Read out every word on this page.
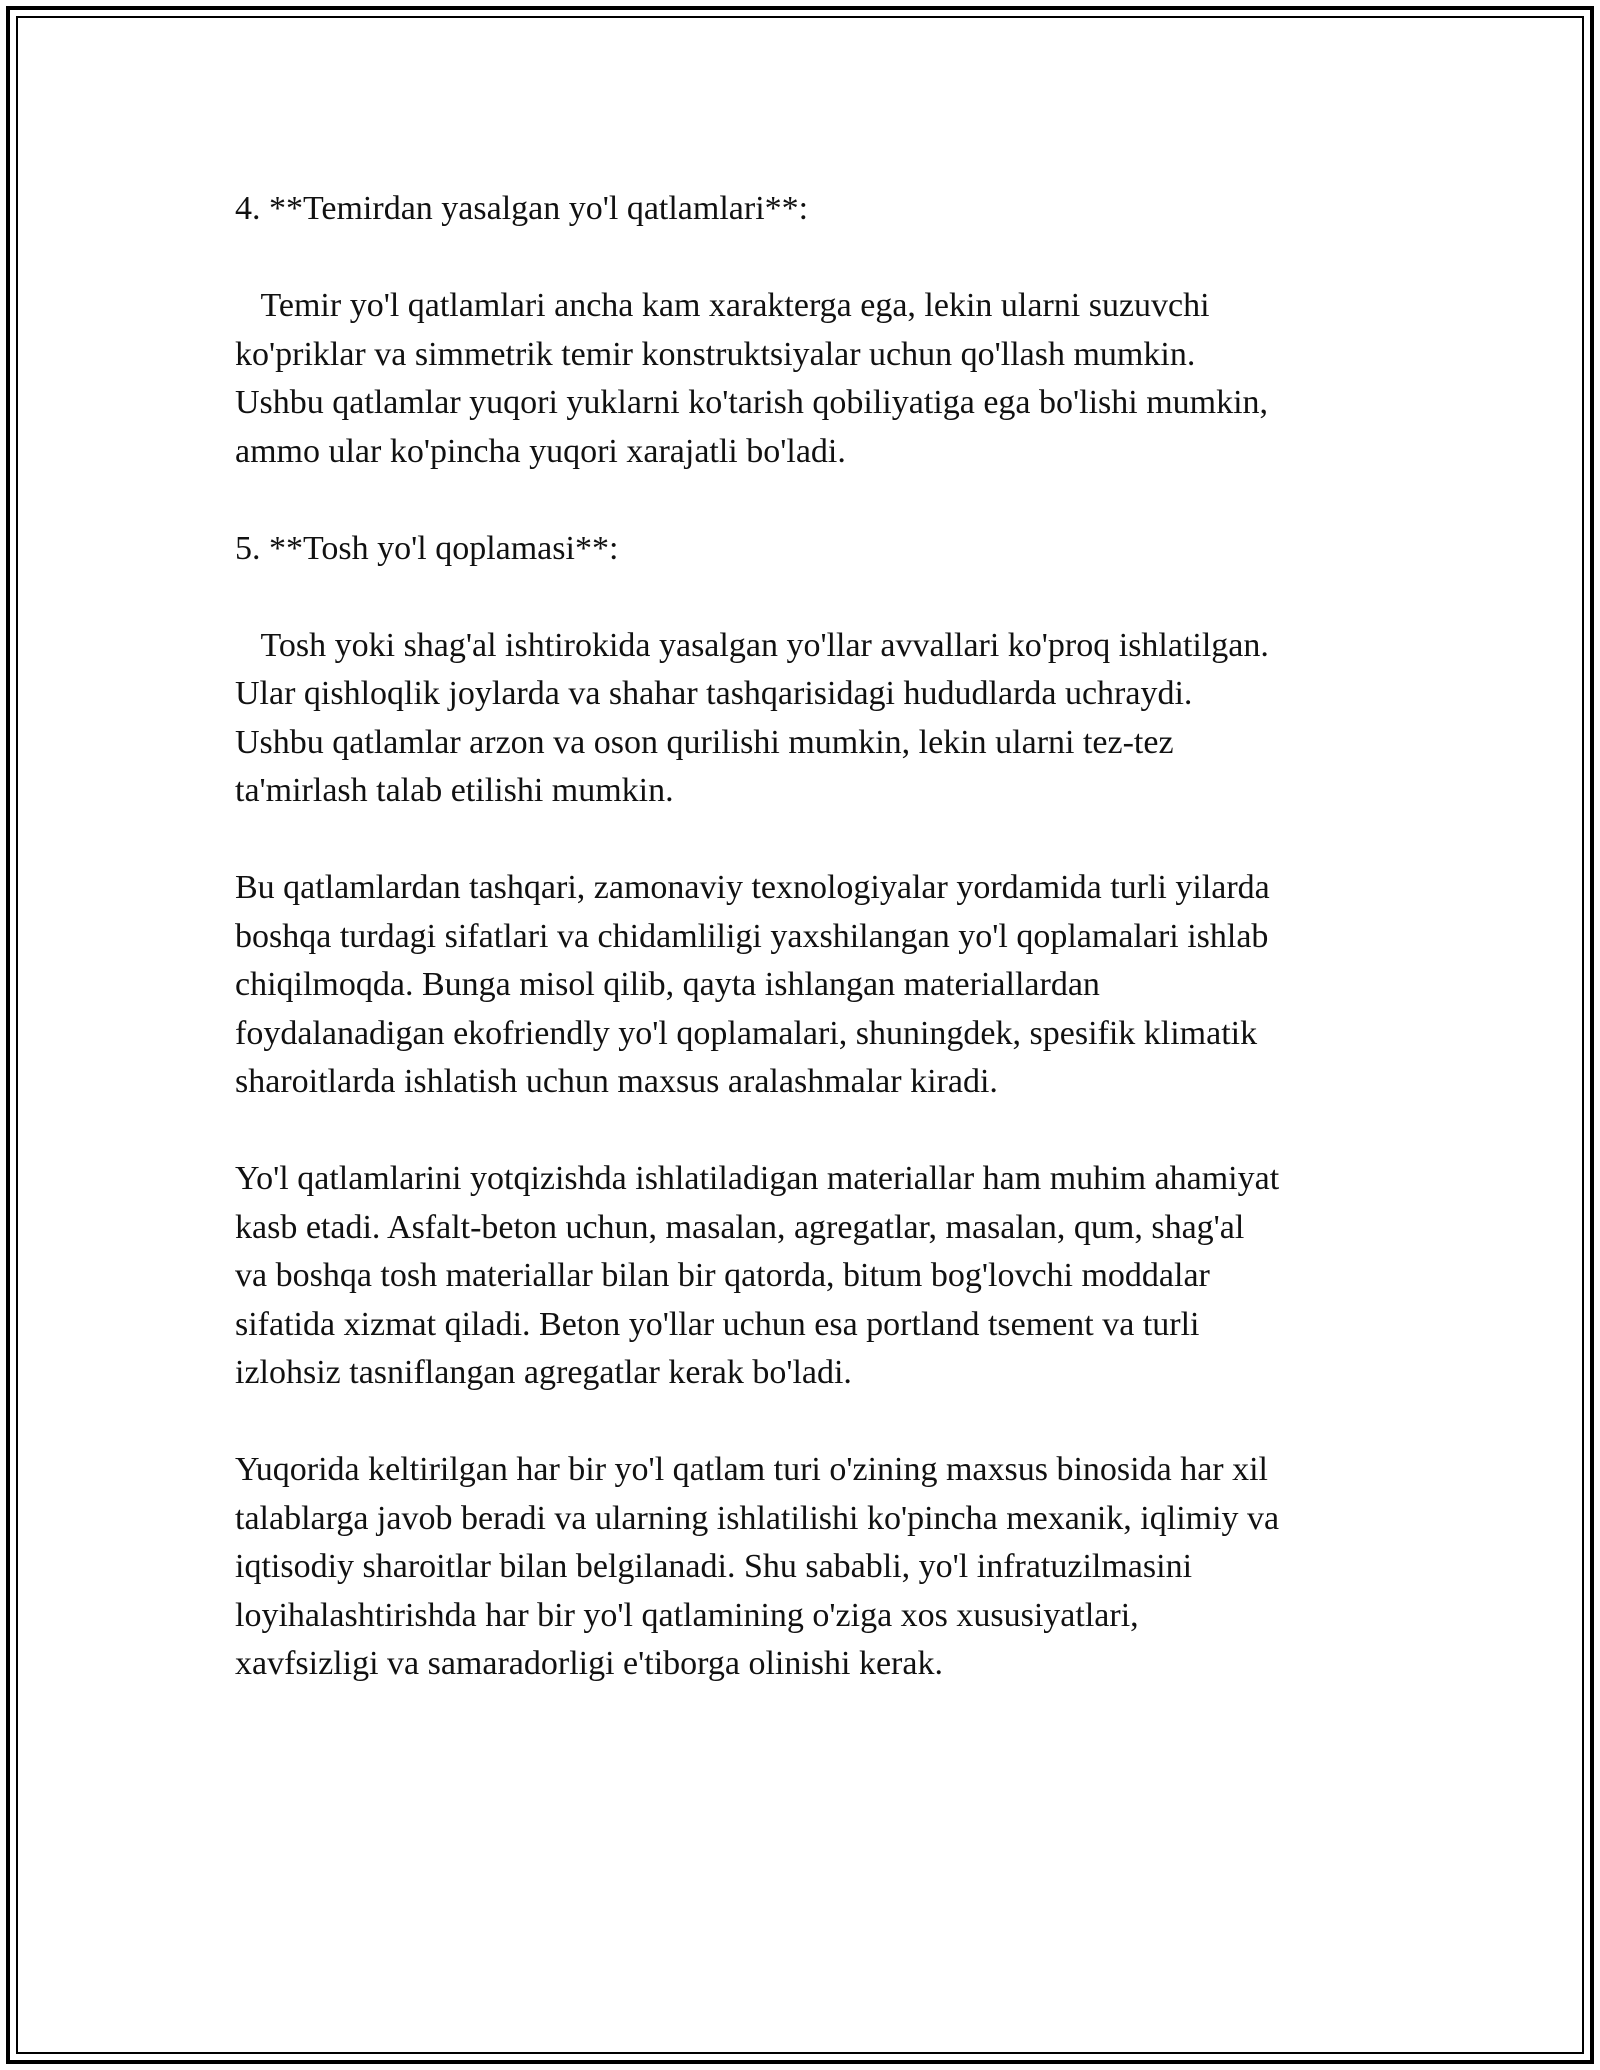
4. **Temirdan yasalgan yo'l qatlamlari**:

Temir yo'l qatlamlari ancha kam xarakterga ega, lekin ularni suzuvchi
ko'priklar va simmetrik temir konstruktsiyalar uchun qo'llash mumkin.
Ushbu qatlamlar yuqori yuklarni ko'tarish qobiliyatiga ega bo'lishi mumkin,
ammo ular ko'pincha yuqori xarajatli bo'ladi.

5. **Tosh yo'l qoplamasi**:

Tosh yoki shag'al ishtirokida yasalgan yo'llar avvallari ko'proq ishlatilgan.
Ular qishloqlik joylarda va shahar tashqarisidagi hududlarda uchraydi.
Ushbu qatlamlar arzon va oson qurilishi mumkin, lekin ularni tez-tez
ta'mirlash talab etilishi mumkin.

Bu qatlamlardan tashqari, zamonaviy texnologiyalar yordamida turli yilarda
boshqa turdagi sifatlari va chidamliligi yaxshilangan yo'l qoplamalari ishlab
chiqilmoqda. Bunga misol qilib, qayta ishlangan materiallardan
foydalanadigan ekofriendly yo'l qoplamalari, shuningdek, spesifik klimatik
sharoitlarda ishlatish uchun maxsus aralashmalar kiradi.

Yo'l qatlamlarini yotqizishda ishlatiladigan materiallar ham muhim ahamiyat
kasb etadi. Asfalt-beton uchun, masalan, agregatlar, masalan, qum, shag'al
va boshqa tosh materiallar bilan bir qatorda, bitum bog'lovchi moddalar
sifatida xizmat qiladi. Beton yo'llar uchun esa portland tsement va turli
izlohsiz tasniflangan agregatlar kerak bo'ladi.

Yuqorida keltirilgan har bir yo'l qatlam turi o'zining maxsus binosida har xil
talablarga javob beradi va ularning ishlatilishi ko'pincha mexanik, iqlimiy va
iqtisodiy sharoitlar bilan belgilanadi. Shu sababli, yo'l infratuzilmasini
loyihalashtirishda har bir yo'l qatlamining o'ziga xos xususiyatlari,
xavfsizligi va samaradorligi e'tiborga olinishi kerak.
